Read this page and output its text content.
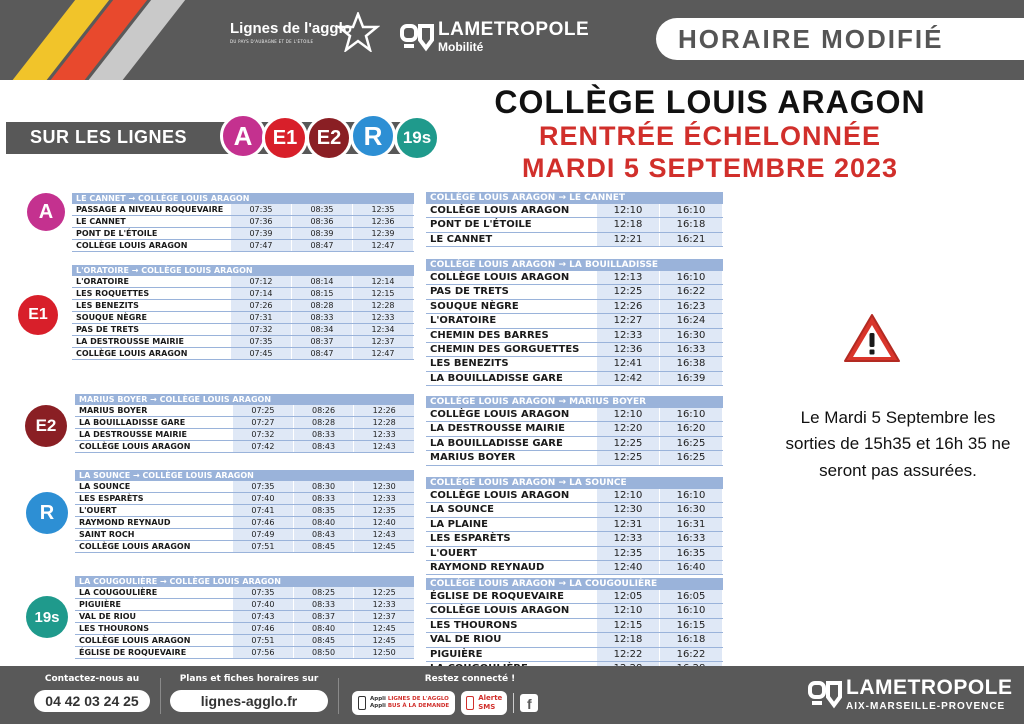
Lignes de l'agglo
DU PAYS D'AUBAGNE ET DE L'ÉTOILE
LAMETROPOLE
Mobilité	HORAIRE MODIFIÉ
COLLÈGE LOUIS ARAGON
RENTRÉE ÉCHELONNÉE
MARDI 5 SEPTEMBRE 2023
SUR LES LIGNES	A	E1 E2 R	19s
A
E1
E2
R
19s
LE CANNET → COLLÈGE LOUIS ARAGON
PASSAGE A NIVEAU ROQUEVAIRE	07:35	08:35	12:35
LE CANNET	07:36	08:36	12:36
PONT DE L'ÉTOILE	07:39	08:39	12:39
COLLÈGE LOUIS ARAGON	07:47	08:47	12:47
L'ORATOIRE → COLLÈGE LOUIS ARAGON
L'ORATOIRE	07:12	08:14	12:14
LES ROQUETTES	07:14	08:15	12:15
LES BENEZITS	07:26	08:28	12:28
SOUQUE NÈGRE	07:31	08:33	12:33
PAS DE TRETS	07:32	08:34	12:34
LA DESTROUSSE MAIRIE	07:35	08:37	12:37
COLLÈGE LOUIS ARAGON	07:45	08:47	12:47
MARIUS BOYER → COLLÈGE LOUIS ARAGON
MARIUS BOYER	07:25	08:26	12:26
LA BOUILLADISSE GARE	07:27	08:28	12:28
LA DESTROUSSE MAIRIE	07:32	08:33	12:33
COLLÈGE LOUIS ARAGON	07:42	08:43	12:43
LA SOUNCE → COLLÈGE LOUIS ARAGON
LA SOUNCE	07:35	08:30	12:30
LES ESPARÈTS	07:40	08:33	12:33
L'OUERT	07:41	08:35	12:35
RAYMOND REYNAUD	07:46	08:40	12:40
SAINT ROCH	07:49	08:43	12:43
COLLÈGE LOUIS ARAGON	07:51	08:45	12:45
LA COUGOULIÈRE → COLLÈGE LOUIS ARAGON
LA COUGOULIÈRE	07:35	08:25	12:25
PIGUIÈRE	07:40	08:33	12:33
VAL DE RIOU	07:43	08:37	12:37
LES THOURONS	07:46	08:40	12:45
COLLÈGE LOUIS ARAGON	07:51	08:45	12:45
ÉGLISE DE ROQUEVAIRE	07:56	08:50	12:50
COLLÈGE LOUIS ARAGON → LE CANNET
COLLÈGE LOUIS ARAGON	12:10	16:10
PONT DE L'ÉTOILE	12:18	16:18
LE CANNET	12:21	16:21
COLLÈGE LOUIS ARAGON → LA BOUILLADISSE
COLLÈGE LOUIS ARAGON	12:13	16:10
PAS DE TRETS	12:25	16:22
SOUQUE NÈGRE	12:26	16:23
L'ORATOIRE	12:27	16:24
CHEMIN DES BARRES	12:33	16:30
CHEMIN DES GORGUETTES	12:36	16:33
LES BENEZITS	12:41	16:38
LA BOUILLADISSE GARE	12:42	16:39
COLLÈGE LOUIS ARAGON → MARIUS BOYER
COLLÈGE LOUIS ARAGON	12:10	16:10
LA DESTROUSSE MAIRIE	12:20	16:20
LA BOUILLADISSE GARE	12:25	16:25
MARIUS BOYER	12:25	16:25
COLLÈGE LOUIS ARAGON → LA SOUNCE
COLLÈGE LOUIS ARAGON	12:10	16:10
LA SOUNCE	12:30	16:30
LA PLAINE	12:31	16:31
LES ESPARÈTS	12:33	16:33
L'OUERT	12:35	16:35
RAYMOND REYNAUD	12:40	16:40
COLLÈGE LOUIS ARAGON → LA COUGOULIÈRE
ÉGLISE DE ROQUEVAIRE	12:05	16:05
COLLÈGE LOUIS ARAGON	12:10	16:10
LES THOURONS	12:15	16:15
VAL DE RIOU	12:18	16:18
PIGUIÈRE	12:22	16:22
Le Mardi 5 Septembre les sorties de 15h35 et 16h 35 ne seront pas assurées.
Contactez-nous au
04 42 03 24 25
Plans et fiches horaires sur
lignes-agglo.fr
Restez connecté !
Appli LIGNES DE L'AGGLO
Appli BUS À LA DEMANDE
Alerte
SMS	f
LAMETROPOLE
AIX-MARSEILLE-PROVENCE
